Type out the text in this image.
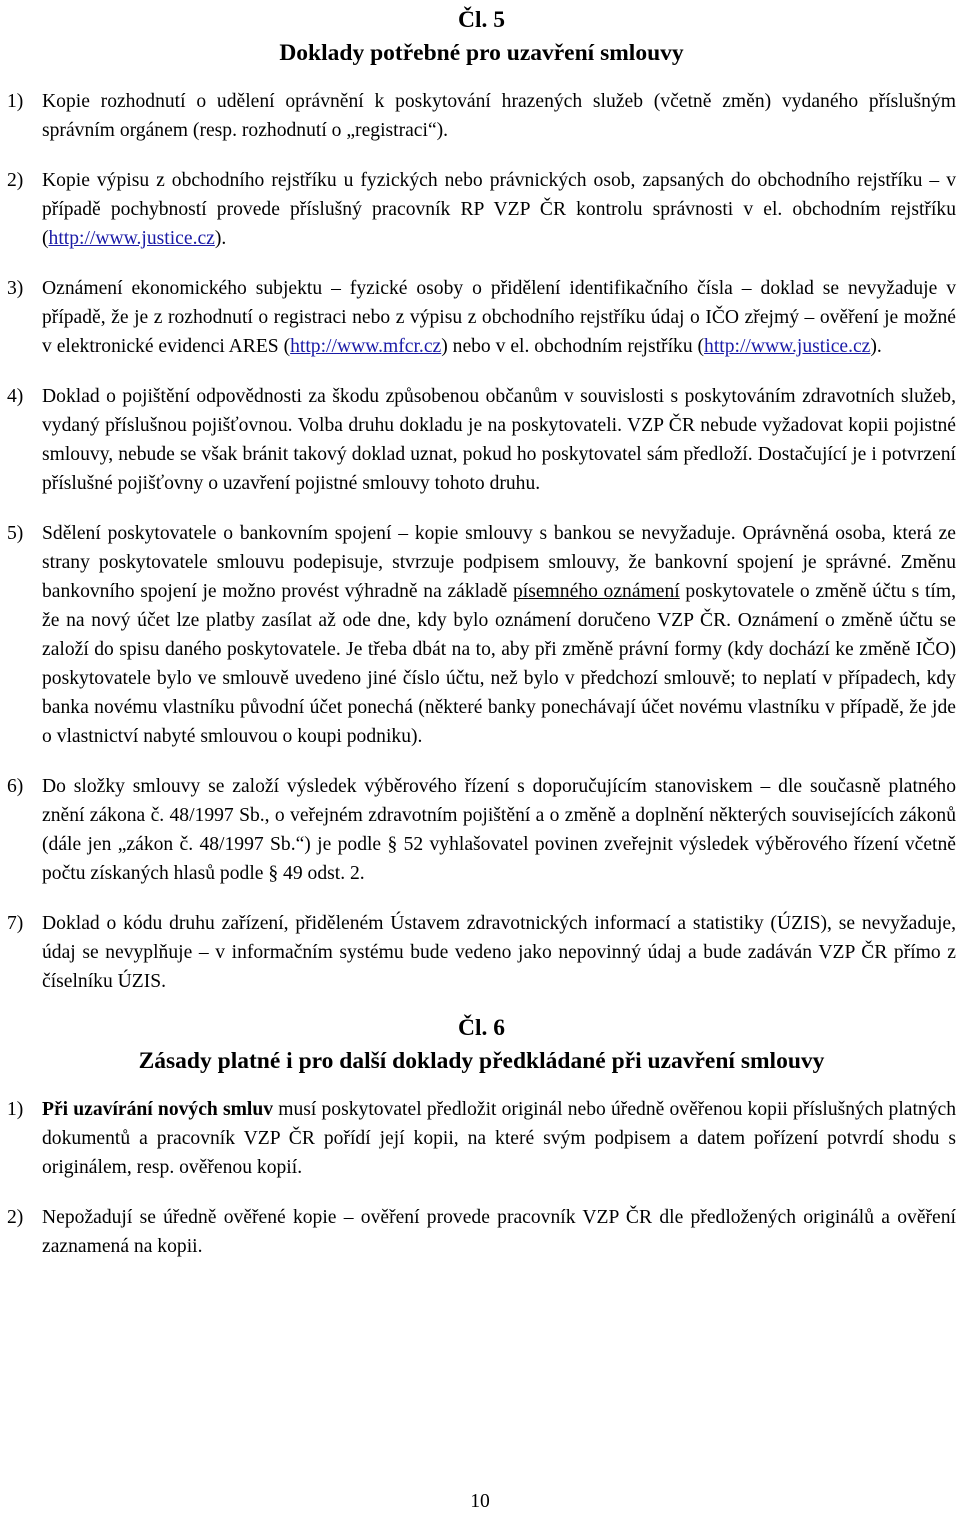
Čl. 5
Doklady potřebné pro uzavření smlouvy
1) Kopie rozhodnutí o udělení oprávnění k poskytování hrazených služeb (včetně změn) vydaného příslušným správním orgánem (resp. rozhodnutí o „registraci“).
2) Kopie výpisu z obchodního rejstříku u fyzických nebo právnických osob, zapsaných do obchodního rejstříku – v případě pochybností provede příslušný pracovník RP VZP ČR kontrolu správnosti v el. obchodním rejstříku (http://www.justice.cz).
3) Oznámení ekonomického subjektu – fyzické osoby o přidělení identifikačního čísla – doklad se nevyžaduje v případě, že je z rozhodnutí o registraci nebo z výpisu z obchodního rejstříku údaj o IČO zřejmý – ověření je možné v elektronické evidenci ARES (http://www.mfcr.cz) nebo v el. obchodním rejstříku (http://www.justice.cz).
4) Doklad o pojištění odpovědnosti za škodu způsobenou občanům v souvislosti s poskytováním zdravotních služeb, vydaný příslušnou pojišťovnou. Volba druhu dokladu je na poskytovateli. VZP ČR nebude vyžadovat kopii pojistné smlouvy, nebude se však bránit takový doklad uznat, pokud ho poskytovatel sám předloží. Dostačující je i potvrzení příslušné pojišťovny o uzavření pojistné smlouvy tohoto druhu.
5) Sdělení poskytovatele o bankovním spojení – kopie smlouvy s bankou se nevyžaduje. Oprávněná osoba, která ze strany poskytovatele smlouvu podepisuje, stvrzuje podpisem smlouvy, že bankovní spojení je správné. Změnu bankovního spojení je možno provést výhradně na základě písemného oznámení poskytovatele o změně účtu s tím, že na nový účet lze platby zasílat až ode dne, kdy bylo oznámení doručeno VZP ČR. Oznámení o změně účtu se založí do spisu daného poskytovatele. Je třeba dbát na to, aby při změně právní formy (kdy dochází ke změně IČO) poskytovatele bylo ve smlouvě uvedeno jiné číslo účtu, než bylo v předchozí smlouvě; to neplatí v případech, kdy banka novému vlastníku původní účet ponechá (některé banky ponechávají účet novému vlastníku v případě, že jde o vlastnictví nabyté smlouvou o koupi podniku).
6) Do složky smlouvy se založí výsledek výběrového řízení s doporučujícím stanoviskem – dle současně platného znění zákona č. 48/1997 Sb., o veřejném zdravotním pojištění a o změně a doplnění některých souvisejících zákonů (dále jen „zákon č. 48/1997 Sb.“) je podle § 52 vyhlašovatel povinen zveřejnit výsledek výběrového řízení včetně počtu získaných hlasů podle § 49 odst. 2.
7) Doklad o kódu druhu zařízení, přiděleném Ústavem zdravotnických informací a statistiky (ÚZIS), se nevyžaduje, údaj se nevyplňuje – v informačním systému bude vedeno jako nepovinný údaj a bude zadáván VZP ČR přímo z číselníku ÚZIS.
Čl. 6
Zásady platné i pro další doklady předkládané při uzavření smlouvy
1) Při uzavírání nových smluv musí poskytovatel předložit originál nebo úředně ověřenou kopii příslušných platných dokumentů a pracovník VZP ČR pořídí její kopii, na které svým podpisem a datem pořízení potvrdí shodu s originálem, resp. ověřenou kopií.
2) Nepožadují se úředně ověřené kopie – ověření provede pracovník VZP ČR dle předložených originálů a ověření zaznamená na kopii.
10
